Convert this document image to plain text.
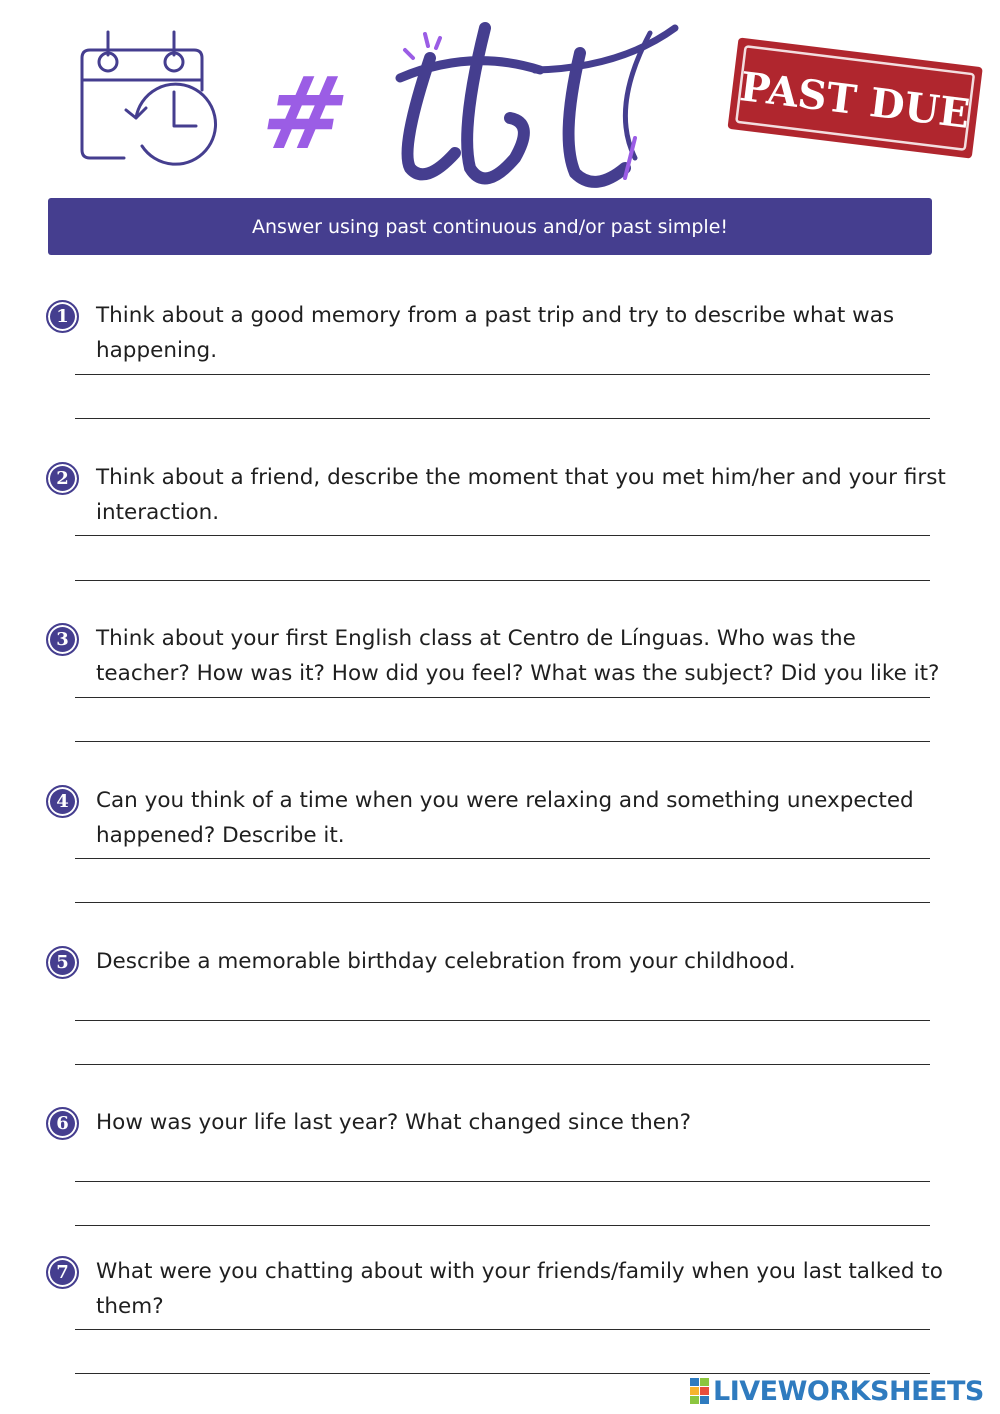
#	PAST DUE
Answer using past continuous and/or past simple!
1	Think about a good memory from a past trip and try to describe what was happening.
2	Think about a friend, describe the moment that you met him/her and your first interaction.
3	Think about your first English class at Centro de Línguas. Who was the teacher? How was it? How did you feel? What was the subject? Did you like it?
4	Can you think of a time when you were relaxing and something unexpected happened? Describe it.
5	Describe a memorable birthday celebration from your childhood.
6	How was your life last year? What changed since then?
7	What were you chatting about with your friends/family when you last talked to them?
LIVEWORKSHEETS
